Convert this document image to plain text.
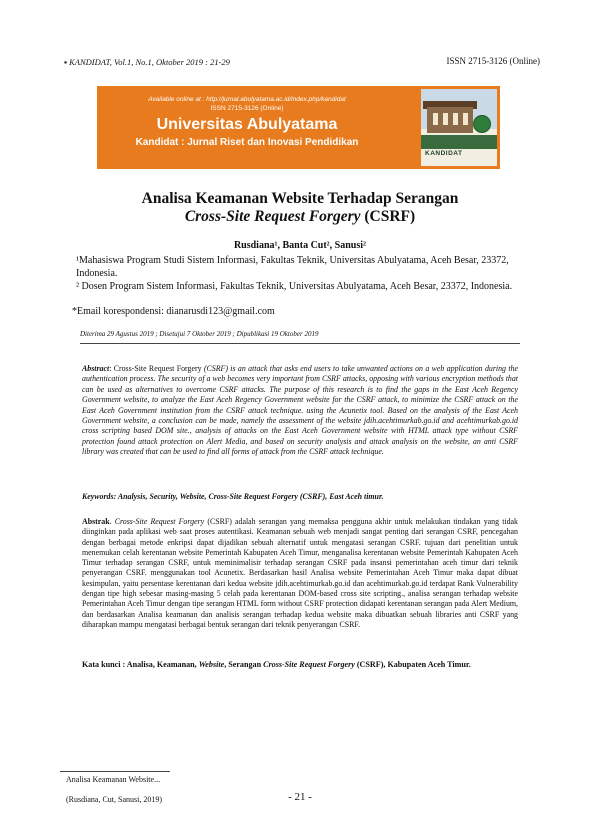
▪ KANDIDAT, Vol.1, No.1, Oktober 2019 : 21-29	ISSN 2715-3126 (Online)
Available online at : http://jurnal.abulyatama.ac.id/index.php/kandidat
ISSN 2715-3126 (Online)
Universitas Abulyatama
Kandidat : Jurnal Riset dan Inovasi Pendidikan
KANDIDAT
Analisa Keamanan Website Terhadap Serangan
Cross-Site Request Forgery (CSRF)
Rusdiana¹, Banta Cut², Sanusi²
¹Mahasiswa Program Studi Sistem Informasi, Fakultas Teknik, Universitas Abulyatama, Aceh Besar, 23372, Indonesia.
² Dosen Program Sistem Informasi, Fakultas Teknik, Universitas Abulyatama, Aceh Besar, 23372, Indonesia.
*Email korespondensi: dianarusdi123@gmail.com
Diterima 29 Agustus 2019 ; Disetujui 7 Oktober 2019 ; Dipublikasi 19 Oktober 2019
Abstract: Cross-Site Request Forgery (CSRF) is an attack that asks end users to take unwanted actions on a web application during the authentication process. The security of a web becomes very important from CSRF attacks, opposing with various encryption methods that can be used as alternatives to overcome CSRF attacks. The purpose of this research is to find the gaps in the East Aceh Regency Government website, to analyze the East Aceh Regency Government website for the CSRF attack, to minimize the CSRF attack on the East Aceh Government institution from the CSRF attack technique. using the Acunetix tool. Based on the analysis of the East Aceh Government website, a conclusion can be made, namely the assessment of the website jdih.acehtimurkab.go.id and acehtimurkab.go.id cross scripting based DOM site., analysis of attacks on the East Aceh Government website with HTML attack type without CSRF protection found attack protection on Alert Media, and based on security analysis and attack analysis on the website, an anti CSRF library was created that can be used to find all forms of attack from the CSRF attack technique.
Keywords: Analysis, Security, Website, Cross-Site Request Forgery (CSRF), East Aceh timur.
Abstrak. Cross-Site Request Forgery (CSRF) adalah serangan yang memaksa pengguna akhir untuk melakukan tindakan yang tidak diinginkan pada aplikasi web saat proses autentikasi. Keamanan sebuah web menjadi sangat penting dari serangan CSRF, pencegahan dengan berbagai metode enkripsi dapat dijadikan sebuah alternatif untuk mengatasi serangan CSRF. tujuan dari penelitian untuk menemukan celah kerentanan website Pemerintah Kabupaten Aceh Timur, menganalisa kerentanan website Pemerintah Kabupaten Aceh Timur terhadap serangan CSRF, untuk meminimalisir terhadap serangan CSRF pada insansi pemerintahan aceh timur dari teknik penyerangan CSRF. menggunakan tool Acunetix. Berdasarkan hasil Analisa website Pemerintahan Aceh Timur maka dapat dibuat kesimpulan, yaitu persentase kerentanan dari kedua website jdih.acehtimurkab.go.id dan acehtimurkab.go.id terdapat Rank Vulnerability dengan tipe high sebesar masing-masing 5 celah pada kerentanan DOM-based cross site scripting., analisa serangan terhadap website Pemerintahan Aceh Timur dengan tipe serangan HTML form without CSRF protection didapati kerentanan serangan pada Alert Medium, dan berdasarkan Analisa keamanan dan analisis serangan terhadap kedua website maka dibuatkan sebuah libraries anti CSRF yang diharapkan mampu mengatasi berbagai bentuk serangan dari teknik penyerangan CSRF.
Kata kunci : Analisa, Keamanan, Website, Serangan Cross-Site Request Forgery (CSRF), Kabupaten Aceh Timur.
Analisa Keamanan Website...
(Rusdiana, Cut, Sanusi, 2019)	- 21 -
